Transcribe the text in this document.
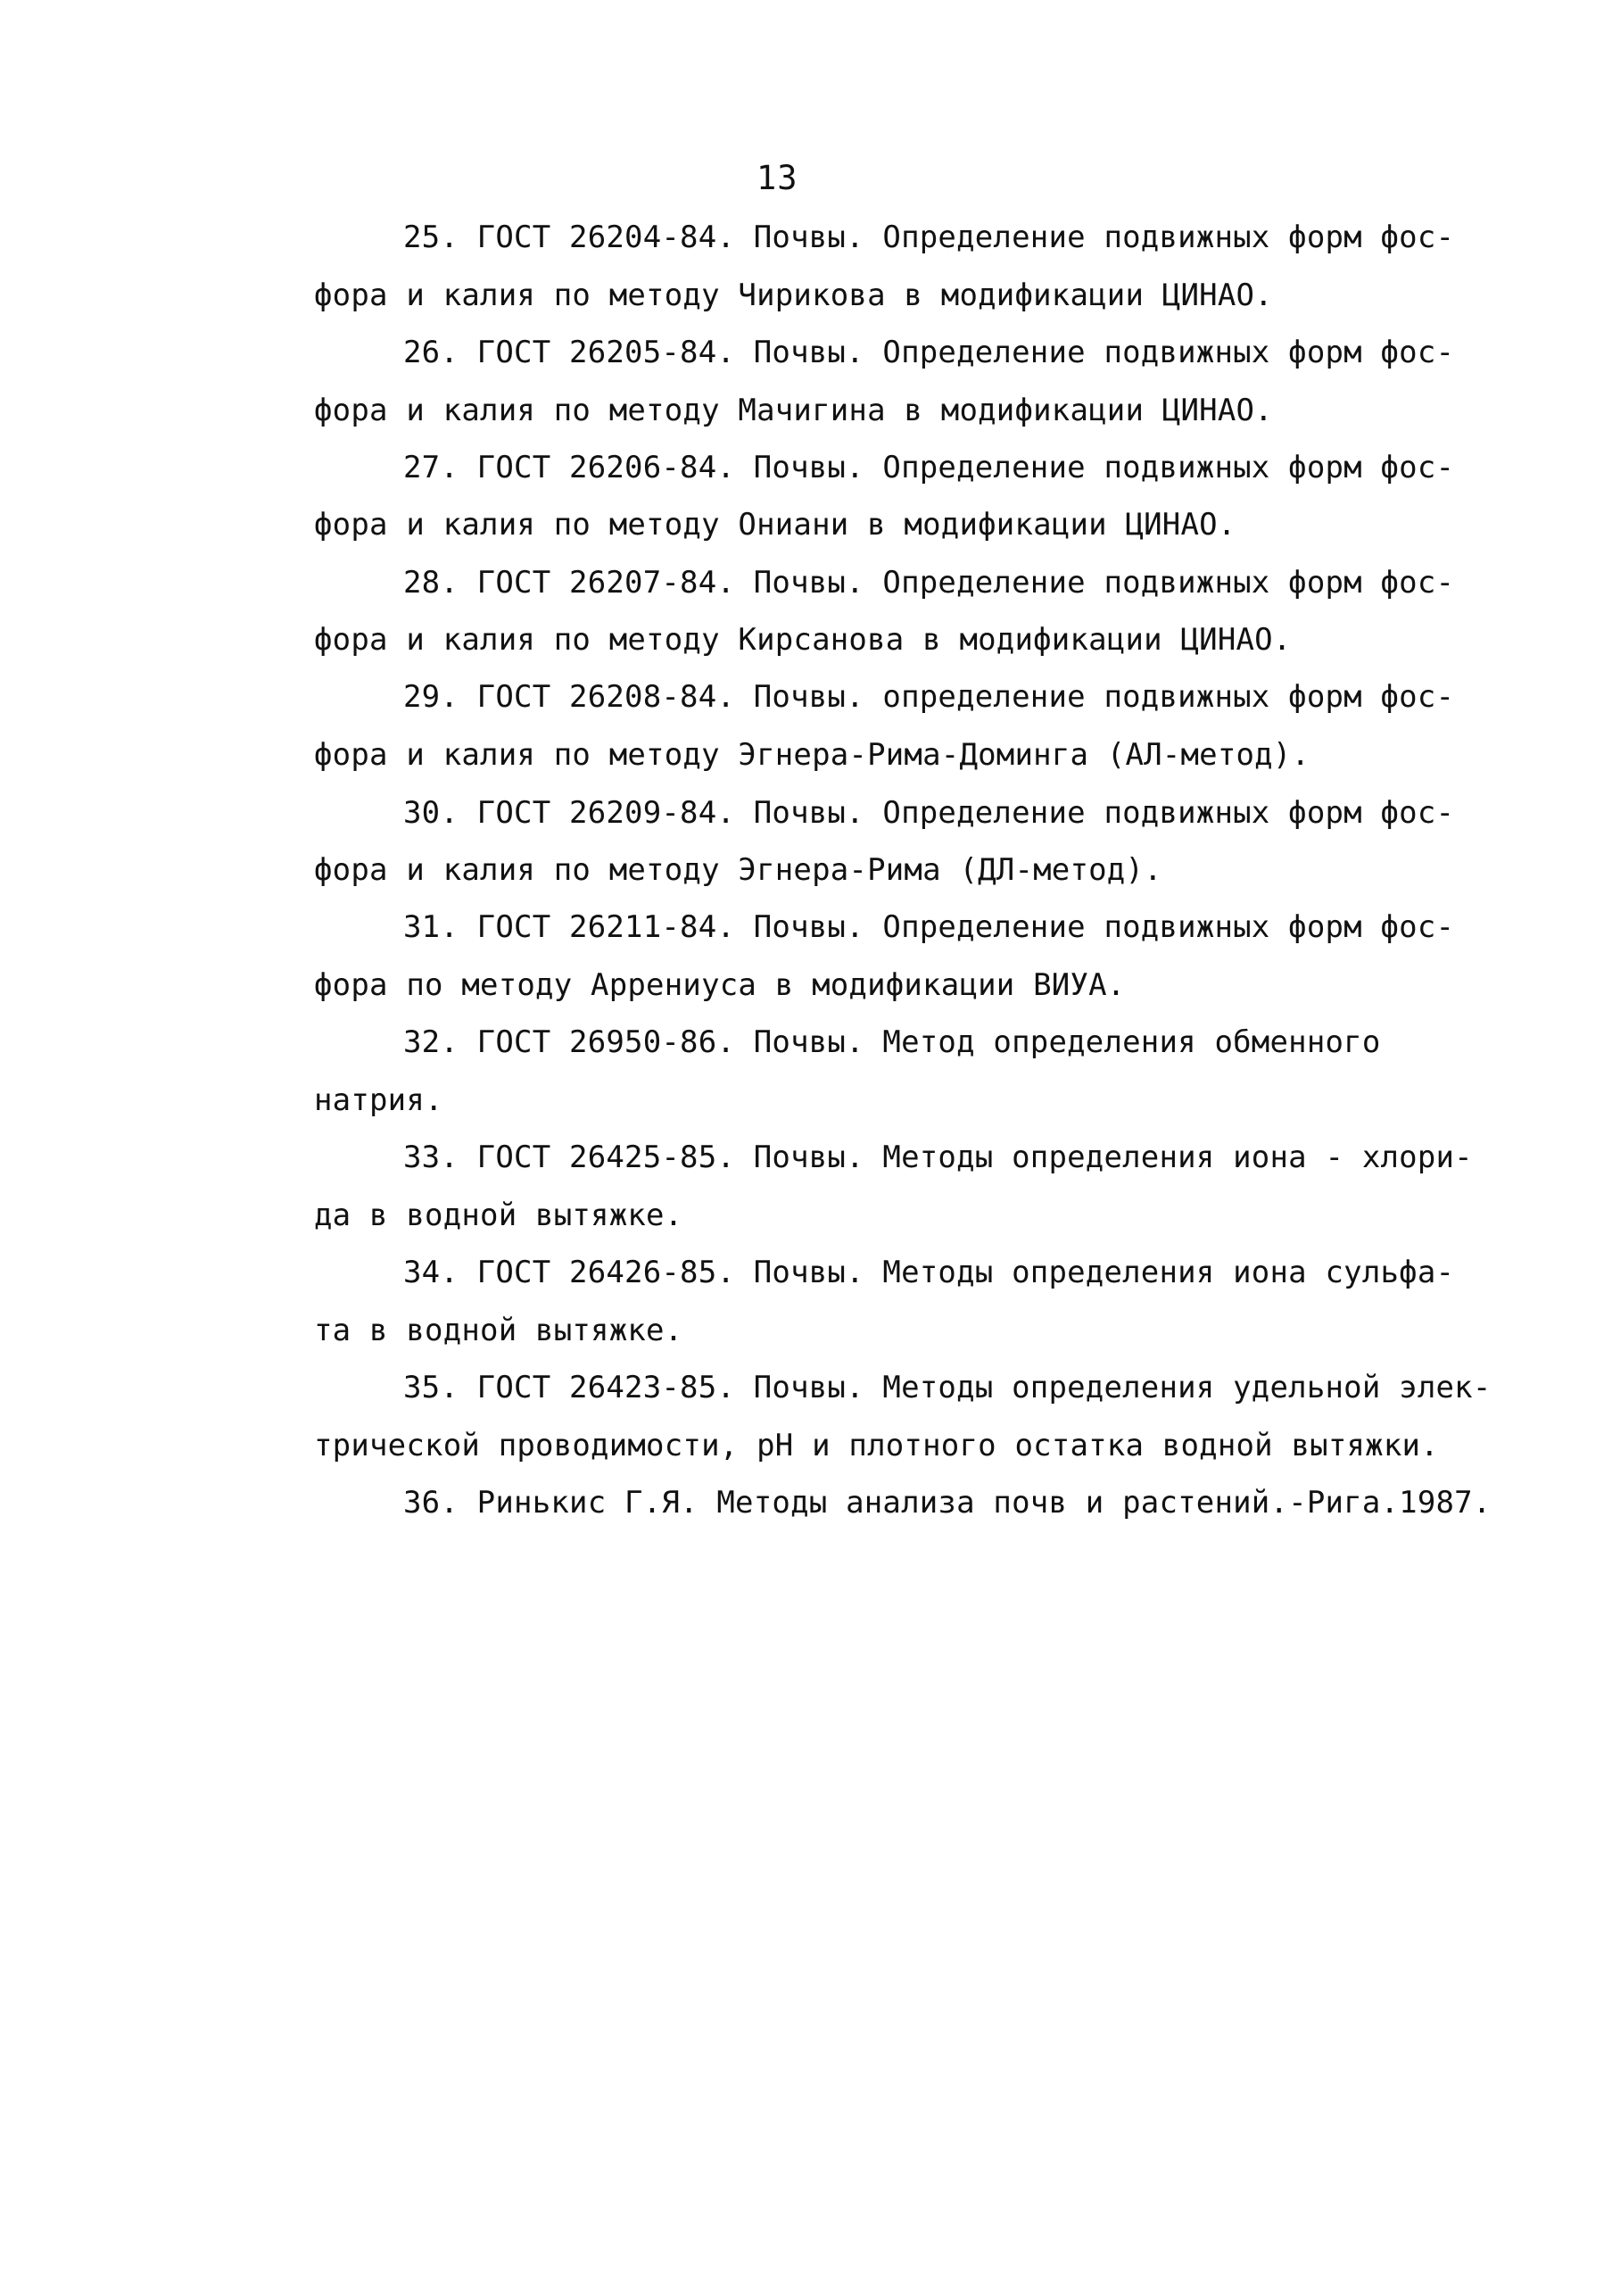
13
25. ГОСТ 26204-84. Почвы. Определение подвижных форм фос-
фора и калия по методу Чирикова в модификации ЦИНАО.
26. ГОСТ 26205-84. Почвы. Определение подвижных форм фос-
фора и калия по методу Мачигина в модификации ЦИНАО.
27. ГОСТ 26206-84. Почвы. Определение подвижных форм фос-
фора и калия по методу Ониани в модификации ЦИНАО.
28. ГОСТ 26207-84. Почвы. Определение подвижных форм фос-
фора и калия по методу Кирсанова в модификации ЦИНАО.
29. ГОСТ 26208-84. Почвы. определение подвижных форм фос-
фора и калия по методу Эгнера-Рима-Доминга (АЛ-метод).
30. ГОСТ 26209-84. Почвы. Определение подвижных форм фос-
фора и калия по методу Эгнера-Рима (ДЛ-метод).
31. ГОСТ 26211-84. Почвы. Определение подвижных форм фос-
фора по методу Аррениуса в модификации ВИУА.
32. ГОСТ 26950-86. Почвы. Метод определения обменного
натрия.
33. ГОСТ 26425-85. Почвы. Методы определения иона - хлори-
да в водной вытяжке.
34. ГОСТ 26426-85. Почвы. Методы определения иона сульфа-
та в водной вытяжке.
35. ГОСТ 26423-85. Почвы. Методы определения удельной элек-
трической проводимости, рН и плотного остатка водной вытяжки.
36. Ринькис Г.Я. Методы анализа почв и растений.-Рига.1987.
